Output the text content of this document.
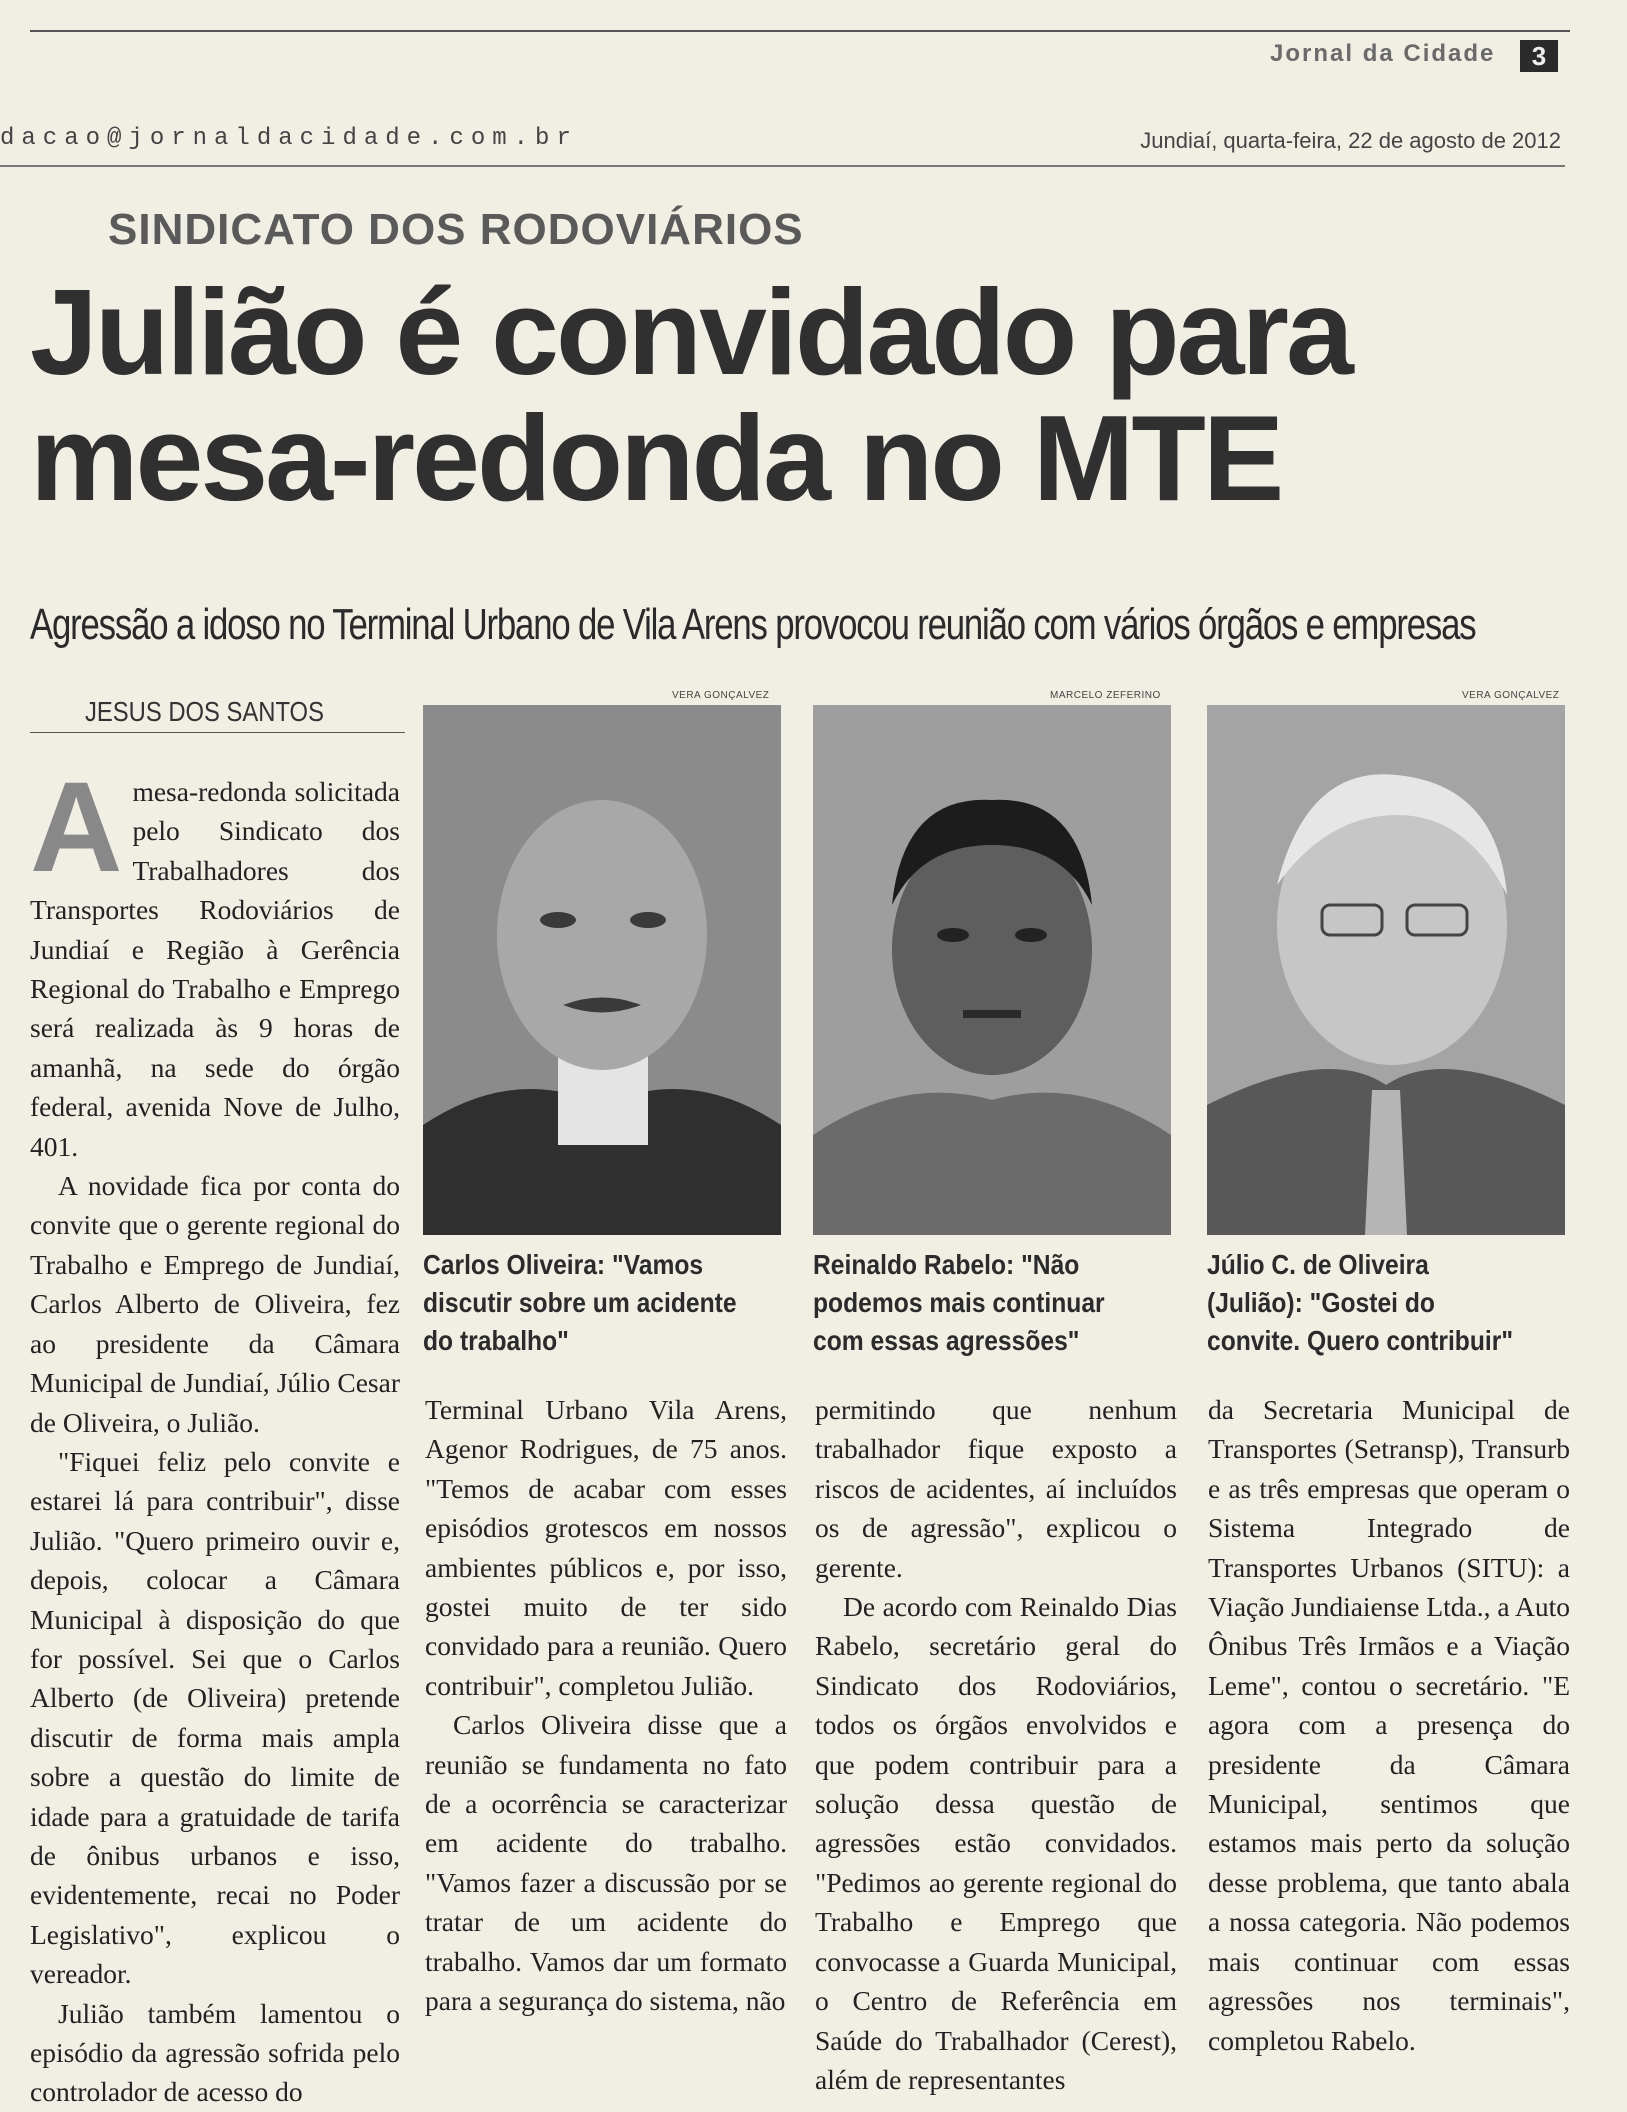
Jornal da Cidade	3
dacao@jornaldacidade.com.br	Jundiaí, quarta-feira, 22 de agosto de 2012
SINDICATO DOS RODOVIÁRIOS
Julião é convidado para
mesa-redonda no MTE
Agressão a idoso no Terminal Urbano de Vila Arens provocou reunião com vários órgãos e empresas
JESUS DOS SANTOS

Amesa-redonda solicitada pelo Sindicato dos Trabalhadores dos Transportes Rodoviários de Jundiaí e Região à Gerência Regional do Trabalho e Emprego será realizada às 9 horas de amanhã, na sede do órgão federal, avenida Nove de Julho, 401.

A novidade fica por conta do convite que o gerente regional do Trabalho e Emprego de Jundiaí, Carlos Alberto de Oliveira, fez ao presidente da Câmara Municipal de Jundiaí, Júlio Cesar de Oliveira, o Julião.

"Fiquei feliz pelo convite e estarei lá para contribuir", disse Julião. "Quero primeiro ouvir e, depois, colocar a Câmara Municipal à disposição do que for possível. Sei que o Carlos Alberto (de Oliveira) pretende discutir de forma mais ampla sobre a questão do limite de idade para a gratuidade de tarifa de ônibus urbanos e isso, evidentemente, recai no Poder Legislativo", explicou o vereador.

Julião também lamentou o episódio da agressão sofrida pelo controlador de acesso do

VERA GONÇALVEZ	MARCELO ZEFERINO	VERA GONÇALVEZ
Carlos Oliveira: "Vamos discutir sobre um acidente do trabalho"
Reinaldo Rabelo: "Não podemos mais continuar com essas agressões"
Júlio C. de Oliveira (Julião): "Gostei do convite. Quero contribuir"

Terminal Urbano Vila Arens, Agenor Rodrigues, de 75 anos. "Temos de acabar com esses episódios grotescos em nossos ambientes públicos e, por isso, gostei muito de ter sido convidado para a reunião. Quero contribuir", completou Julião.

Carlos Oliveira disse que a reunião se fundamenta no fato de a ocorrência se caracterizar em acidente do trabalho. "Vamos fazer a discussão por se tratar de um acidente do trabalho. Vamos dar um formato para a segurança do sistema, não

permitindo que nenhum trabalhador fique exposto a riscos de acidentes, aí incluídos os de agressão", explicou o gerente.

De acordo com Reinaldo Dias Rabelo, secretário geral do Sindicato dos Rodoviários, todos os órgãos envolvidos e que podem contribuir para a solução dessa questão de agressões estão convidados. "Pedimos ao gerente regional do Trabalho e Emprego que convocasse a Guarda Municipal, o Centro de Referência em Saúde do Trabalhador (Cerest), além de representantes

da Secretaria Municipal de Transportes (Setransp), Transurb e as três empresas que operam o Sistema Integrado de Transportes Urbanos (SITU): a Viação Jundiaiense Ltda., a Auto Ônibus Três Irmãos e a Viação Leme", contou o secretário. "E agora com a presença do presidente da Câmara Municipal, sentimos que estamos mais perto da solução desse problema, que tanto abala a nossa categoria. Não podemos mais continuar com essas agressões nos terminais", completou Rabelo.
